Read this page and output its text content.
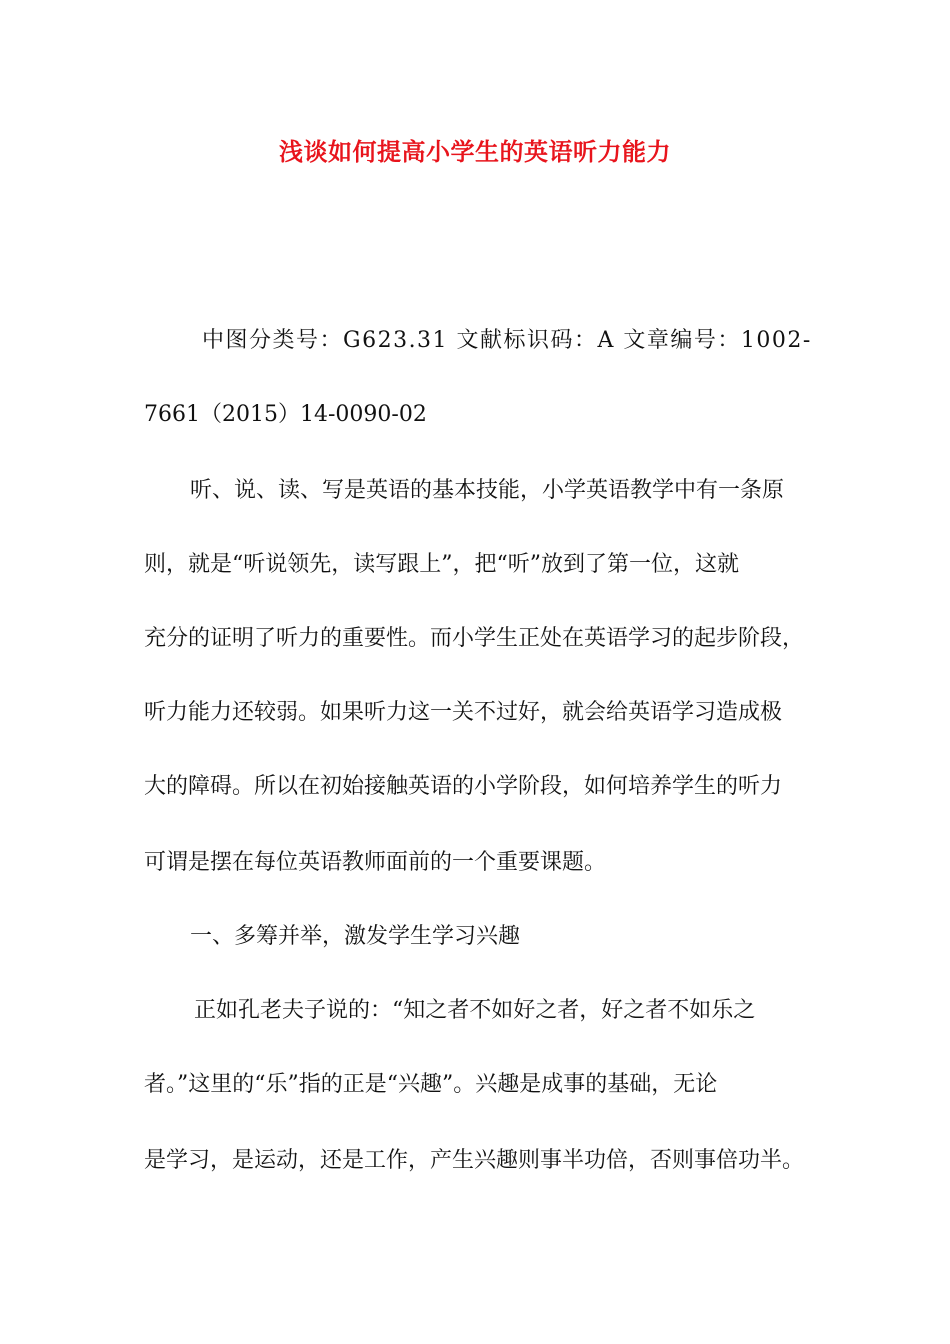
浅谈如何提高小学生的英语听力能力
中图分类号：G623.31 文献标识码：A 文章编号：1002-
7661（2015）14-0090-02
听、说、读、写是英语的基本技能，小学英语教学中有一条原
则，就是“听说领先，读写跟上”，把“听”放到了第一位，这就
充分的证明了听力的重要性。而小学生正处在英语学习的起步阶段，
听力能力还较弱。如果听力这一关不过好，就会给英语学习造成极
大的障碍。所以在初始接触英语的小学阶段，如何培养学生的听力
可谓是摆在每位英语教师面前的一个重要课题。
一、多筹并举，激发学生学习兴趣
正如孔老夫子说的：“知之者不如好之者，好之者不如乐之
者。”这里的“乐”指的正是“兴趣”。兴趣是成事的基础，无论
是学习，是运动，还是工作，产生兴趣则事半功倍，否则事倍功半。
